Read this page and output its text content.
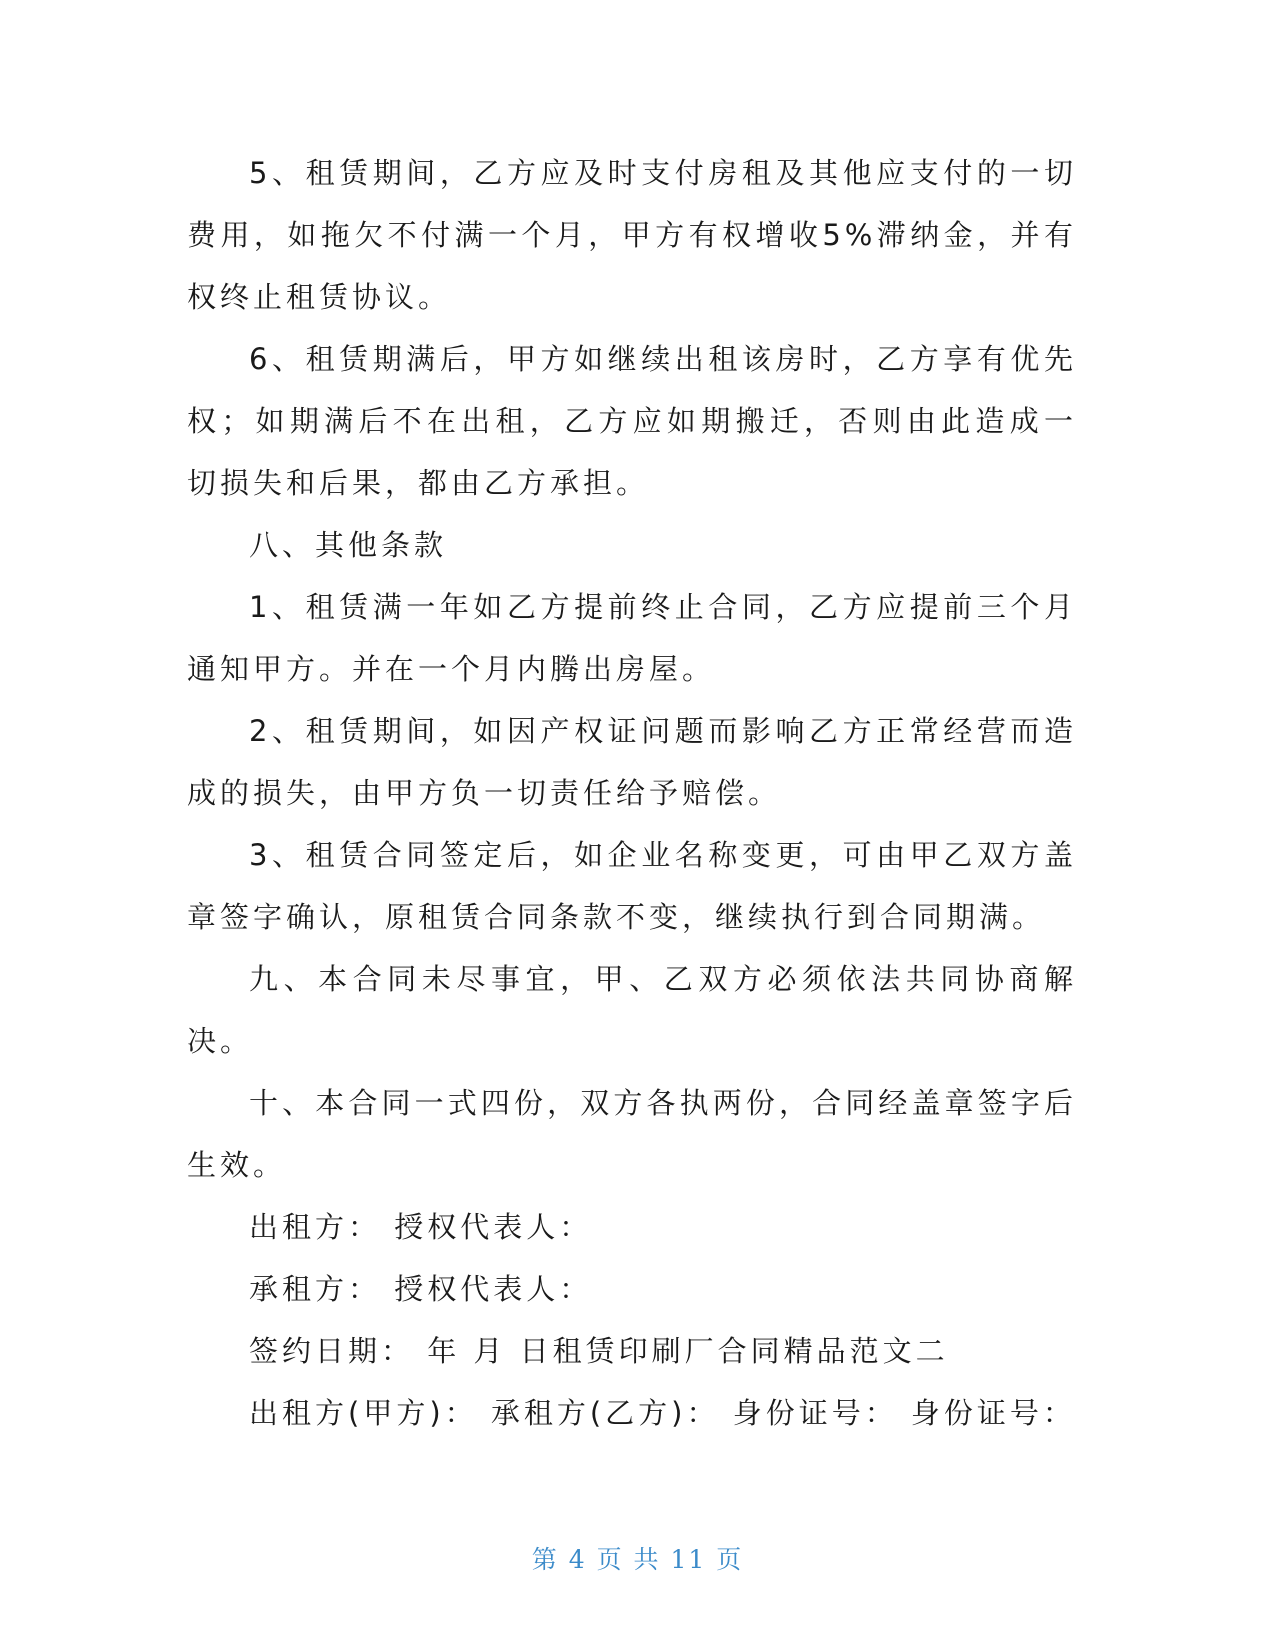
5、租赁期间，乙方应及时支付房租及其他应支付的一切费用，如拖欠不付满一个月，甲方有权增收5%滞纳金，并有权终止租赁协议。

6、租赁期满后，甲方如继续出租该房时，乙方享有优先权；如期满后不在出租，乙方应如期搬迁，否则由此造成一切损失和后果，都由乙方承担。

八、其他条款

1、租赁满一年如乙方提前终止合同，乙方应提前三个月通知甲方。并在一个月内腾出房屋。

2、租赁期间，如因产权证问题而影响乙方正常经营而造成的损失，由甲方负一切责任给予赔偿。

3、租赁合同签定后，如企业名称变更，可由甲乙双方盖章签字确认，原租赁合同条款不变，继续执行到合同期满。

九、本合同未尽事宜，甲、乙双方必须依法共同协商解决。

十、本合同一式四份，双方各执两份，合同经盖章签字后生效。

出租方： 授权代表人：

承租方： 授权代表人：

签约日期： 年 月 日租赁印刷厂合同精品范文二

出租方(甲方)： 承租方(乙方)： 身份证号： 身份证号：

第 4 页 共 11 页
